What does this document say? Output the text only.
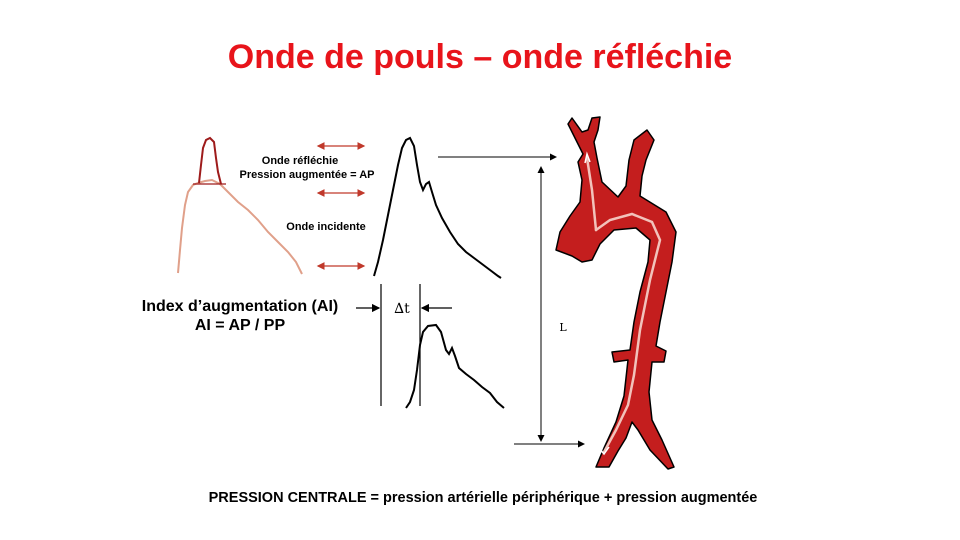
Onde de pouls – onde réfléchie
Onde réfléchie
Pression augmentée = AP
Onde incidente
Index d’augmentation (AI)
AI = AP / PP
∆t
L
PRESSION CENTRALE = pression artérielle périphérique + pression augmentée
